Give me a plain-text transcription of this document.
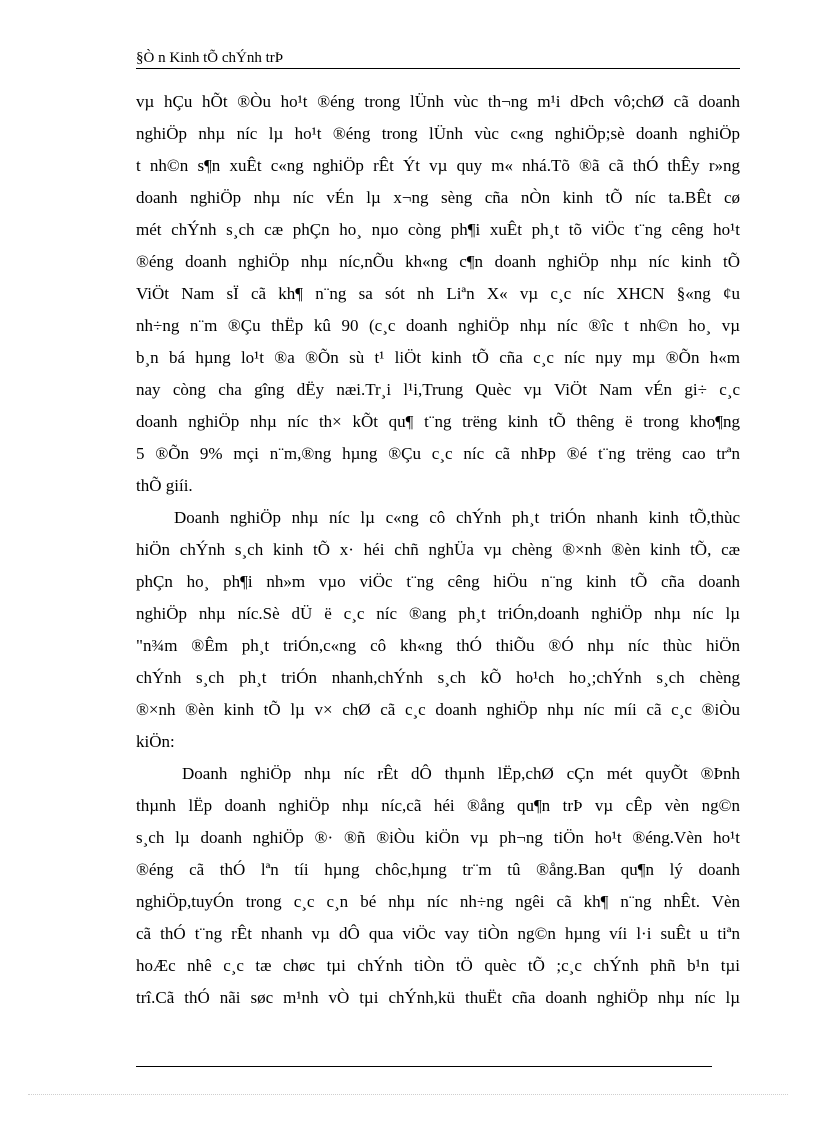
§Ò n Kinh tÕ chÝnh trÞ
vµ hÇu hÕt ®Òu ho¹t ®éng trong lÜnh vùc th¬ng m¹i dÞch vô;chØ cã doanh
nghiÖp nhµ níc lµ ho¹t ®éng trong lÜnh vùc c«ng nghiÖp;sè doanh nghiÖp
t nh©n s¶n xuÊt c«ng nghiÖp rÊt Ýt vµ quy m« nhá.Tõ ®ã cã thÓ thÊy r»ng
doanh nghiÖp nhµ níc vÉn lµ x¬ng sèng cña nÒn kinh tÕ níc ta.BÊt cø
mét chÝnh s¸ch cæ phÇn ho¸ nµo còng ph¶i xuÊt ph¸t tõ viÖc t¨ng cêng ho¹t
®éng doanh nghiÖp nhµ níc,nÕu kh«ng c¶n doanh nghiÖp nhµ níc kinh tÕ
ViÖt Nam sÏ cã kh¶ n¨ng sa sót nh Liªn X« vµ c¸c níc XHCN §«ng ¢u
nh÷ng n¨m ®Çu thËp kû 90 (c¸c doanh nghiÖp nhµ níc ®îc t nh©n ho¸ vµ
b¸n bá hµng lo¹t ®a ®Õn sù t¹ liÖt kinh tÕ cña c¸c níc nµy mµ ®Õn h«m
nay còng cha gîng dËy næi.Tr¸i l¹i,Trung Quèc vµ ViÖt Nam vÉn gi÷ c¸c
doanh nghiÖp nhµ níc th× kÕt qu¶ t¨ng trëng kinh tÕ thêng ë trong kho¶ng
5 ®Õn 9% mçi n¨m,®ng hµng ®Çu c¸c níc cã nhÞp ®é t¨ng trëng cao trªn
thÕ giíi.
Doanh nghiÖp nhµ níc lµ c«ng cô chÝnh ph¸t triÓn nhanh kinh tÕ,thùc
hiÖn chÝnh s¸ch kinh tÕ x· héi chñ nghÜa vµ chèng ®×nh ®èn kinh tÕ, cæ
phÇn ho¸ ph¶i nh»m vµo viÖc t¨ng cêng hiÖu n¨ng kinh tÕ cña doanh
nghiÖp nhµ níc.Sè dÜ ë c¸c níc ®ang ph¸t triÓn,doanh nghiÖp nhµ níc lµ
"n¾m ®Êm ph¸t triÓn,c«ng cô kh«ng thÓ thiÕu ®Ó nhµ níc thùc hiÖn
chÝnh s¸ch ph¸t triÓn nhanh,chÝnh s¸ch kÕ ho¹ch ho¸;chÝnh s¸ch chèng
®×nh ®èn kinh tÕ lµ v× chØ cã c¸c doanh nghiÖp nhµ níc míi cã c¸c ®iÒu
kiÖn:
Doanh nghiÖp nhµ níc rÊt dÔ thµnh lËp,chØ cÇn mét quyÕt ®Þnh
thµnh lËp doanh nghiÖp nhµ níc,cã héi ®ång qu¶n trÞ vµ cÊp vèn ng©n
s¸ch lµ doanh nghiÖp ®· ®ñ ®iÒu kiÖn vµ ph¬ng tiÖn ho¹t ®éng.Vèn ho¹t
®éng cã thÓ lªn tíi hµng chôc,hµng tr¨m tû ®ång.Ban qu¶n lý doanh
nghiÖp,tuyÓn trong c¸c c¸n bé nhµ níc nh÷ng ngêi cã kh¶ n¨ng nhÊt. Vèn
cã thÓ t¨ng rÊt nhanh vµ dÔ qua viÖc vay tiÒn ng©n hµng víi l·i suÊt u tiªn
hoÆc nhê c¸c tæ chøc tµi chÝnh tiÒn tÖ quèc tÕ ;c¸c chÝnh phñ b¹n tµi
trî.Cã thÓ nãi søc m¹nh vÒ tµi chÝnh,kü thuËt cña doanh nghiÖp nhµ níc lµ
